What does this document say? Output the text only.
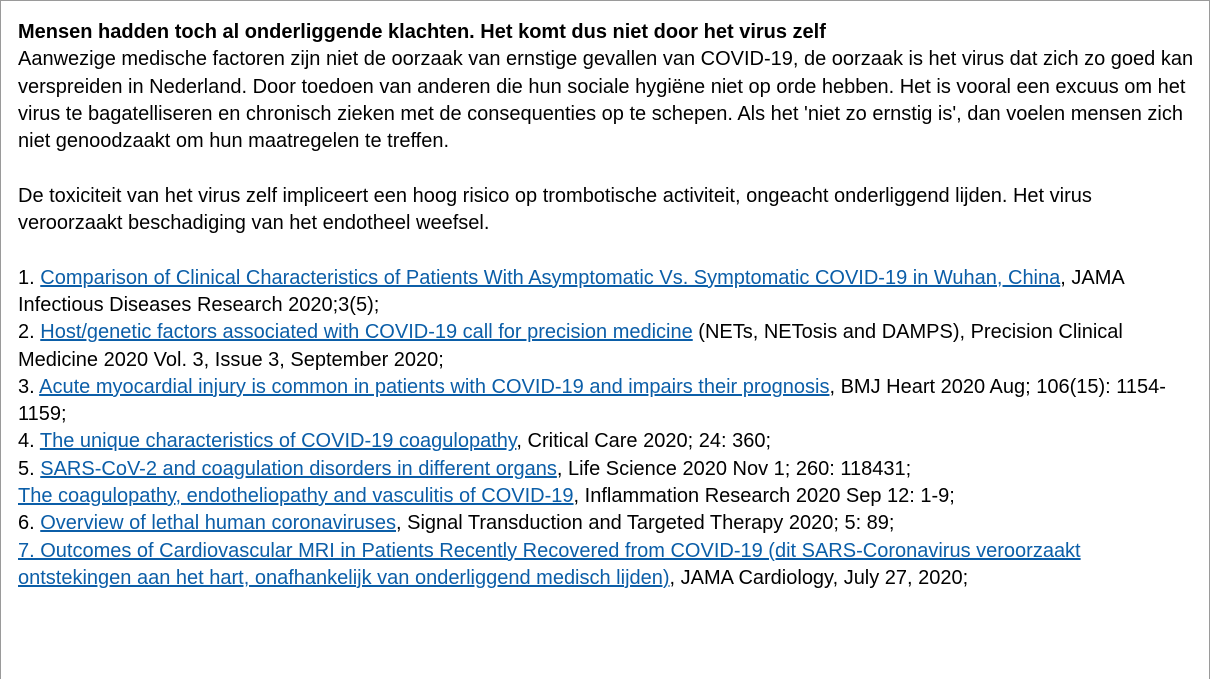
Mensen hadden toch al onderliggende klachten. Het komt dus niet door het virus zelf
Aanwezige medische factoren zijn niet de oorzaak van ernstige gevallen van COVID-19, de oorzaak is het virus dat zich zo goed kan verspreiden in Nederland. Door toedoen van anderen die hun sociale hygiëne niet op orde hebben. Het is vooral een excuus om het virus te bagatelliseren en chronisch zieken met de consequenties op te schepen. Als het 'niet zo ernstig is', dan voelen mensen zich niet genoodzaakt om hun maatregelen te treffen.
De toxiciteit van het virus zelf impliceert een hoog risico op trombotische activiteit, ongeacht onderliggend lijden. Het virus veroorzaakt beschadiging van het endotheel weefsel.
1. Comparison of Clinical Characteristics of Patients With Asymptomatic Vs. Symptomatic COVID-19 in Wuhan, China, JAMA Infectious Diseases Research 2020;3(5);
2. Host/genetic factors associated with COVID-19 call for precision medicine (NETs, NETosis and DAMPS), Precision Clinical Medicine 2020 Vol. 3, Issue 3, September 2020;
3. Acute myocardial injury is common in patients with COVID-19 and impairs their prognosis, BMJ Heart 2020 Aug; 106(15): 1154-1159;
4. The unique characteristics of COVID-19 coagulopathy, Critical Care 2020; 24: 360;
5. SARS-CoV-2 and coagulation disorders in different organs, Life Science 2020 Nov 1; 260: 118431;
The coagulopathy, endotheliopathy and vasculitis of COVID-19, Inflammation Research 2020 Sep 12: 1-9;
6. Overview of lethal human coronaviruses, Signal Transduction and Targeted Therapy 2020; 5: 89;
7. Outcomes of Cardiovascular MRI in Patients Recently Recovered from COVID-19 (dit SARS-Coronavirus veroorzaakt ontstekingen aan het hart, onafhankelijk van onderliggend medisch lijden), JAMA Cardiology, July 27, 2020;
